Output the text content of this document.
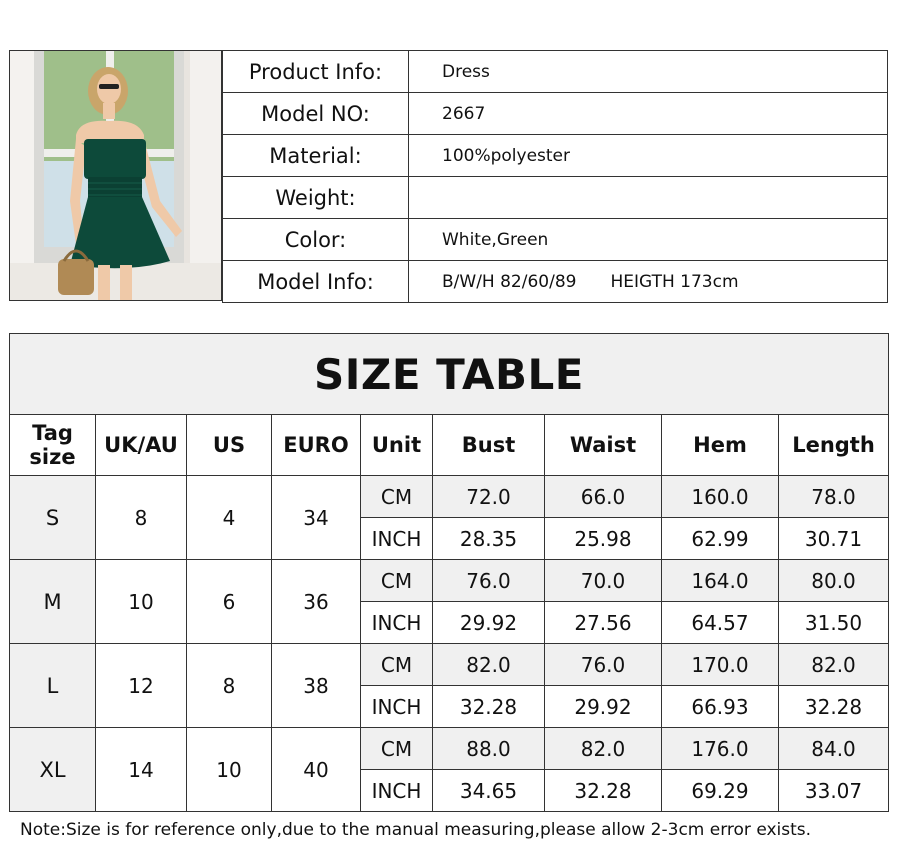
Product Info:	Dress
Model NO:	2667
Material:	100%polyester
Weight:	
Color:	White,Green
Model Info:	B/W/H 82/60/89 HEIGTH 173cm
SIZE TABLE								
Tag size	UK/AU	US	EURO	Unit	Bust	Waist	Hem	Length
S	8	4	34	CM	72.0	66.0	160.0	78.0
				INCH	28.35	25.98	62.99	30.71
M	10	6	36	CM	76.0	70.0	164.0	80.0
				INCH	29.92	27.56	64.57	31.50
L	12	8	38	CM	82.0	76.0	170.0	82.0
				INCH	32.28	29.92	66.93	32.28
XL	14	10	40	CM	88.0	82.0	176.0	84.0
				INCH	34.65	32.28	69.29	33.07
Note:Size is for reference only,due to the manual measuring,please allow 2-3cm error exists.
